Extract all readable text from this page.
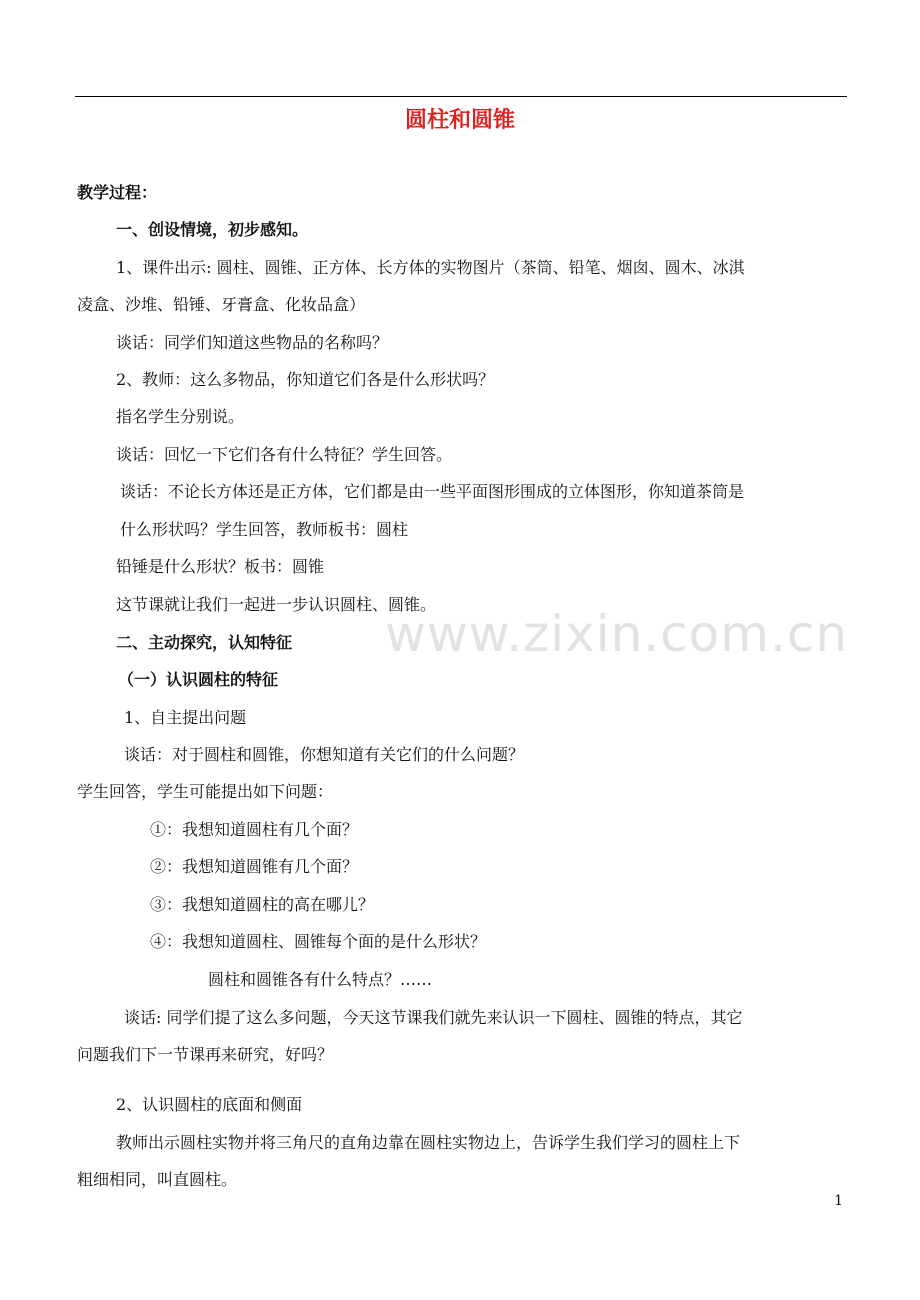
圆柱和圆锥
教学过程：
一、创设情境，初步感知。
1、课件出示: 圆柱、圆锥、正方体、长方体的实物图片（茶筒、铅笔、烟囱、圆木、冰淇
凌盒、沙堆、铅锤、牙膏盒、化妆品盒）
谈话：同学们知道这些物品的名称吗？
2、教师：这么多物品，你知道它们各是什么形状吗？
指名学生分别说。
谈话：回忆一下它们各有什么特征？学生回答。
谈话：不论长方体还是正方体，它们都是由一些平面图形围成的立体图形，你知道茶筒是
什么形状吗？学生回答，教师板书：圆柱
铅锤是什么形状？板书：圆锥
这节课就让我们一起进一步认识圆柱、圆锥。
二、主动探究，认知特征
（一）认识圆柱的特征
1、自主提出问题
谈话：对于圆柱和圆锥，你想知道有关它们的什么问题？
学生回答，学生可能提出如下问题：
①：我想知道圆柱有几个面？
②：我想知道圆锥有几个面？
③：我想知道圆柱的高在哪儿？
④：我想知道圆柱、圆锥每个面的是什么形状？
圆柱和圆锥各有什么特点？……
谈话: 同学们提了这么多问题，今天这节课我们就先来认识一下圆柱、圆锥的特点，其它
问题我们下一节课再来研究，好吗？
2、认识圆柱的底面和侧面
教师出示圆柱实物并将三角尺的直角边靠在圆柱实物边上，告诉学生我们学习的圆柱上下
粗细相同，叫直圆柱。
www.zixin.com.cn
1
